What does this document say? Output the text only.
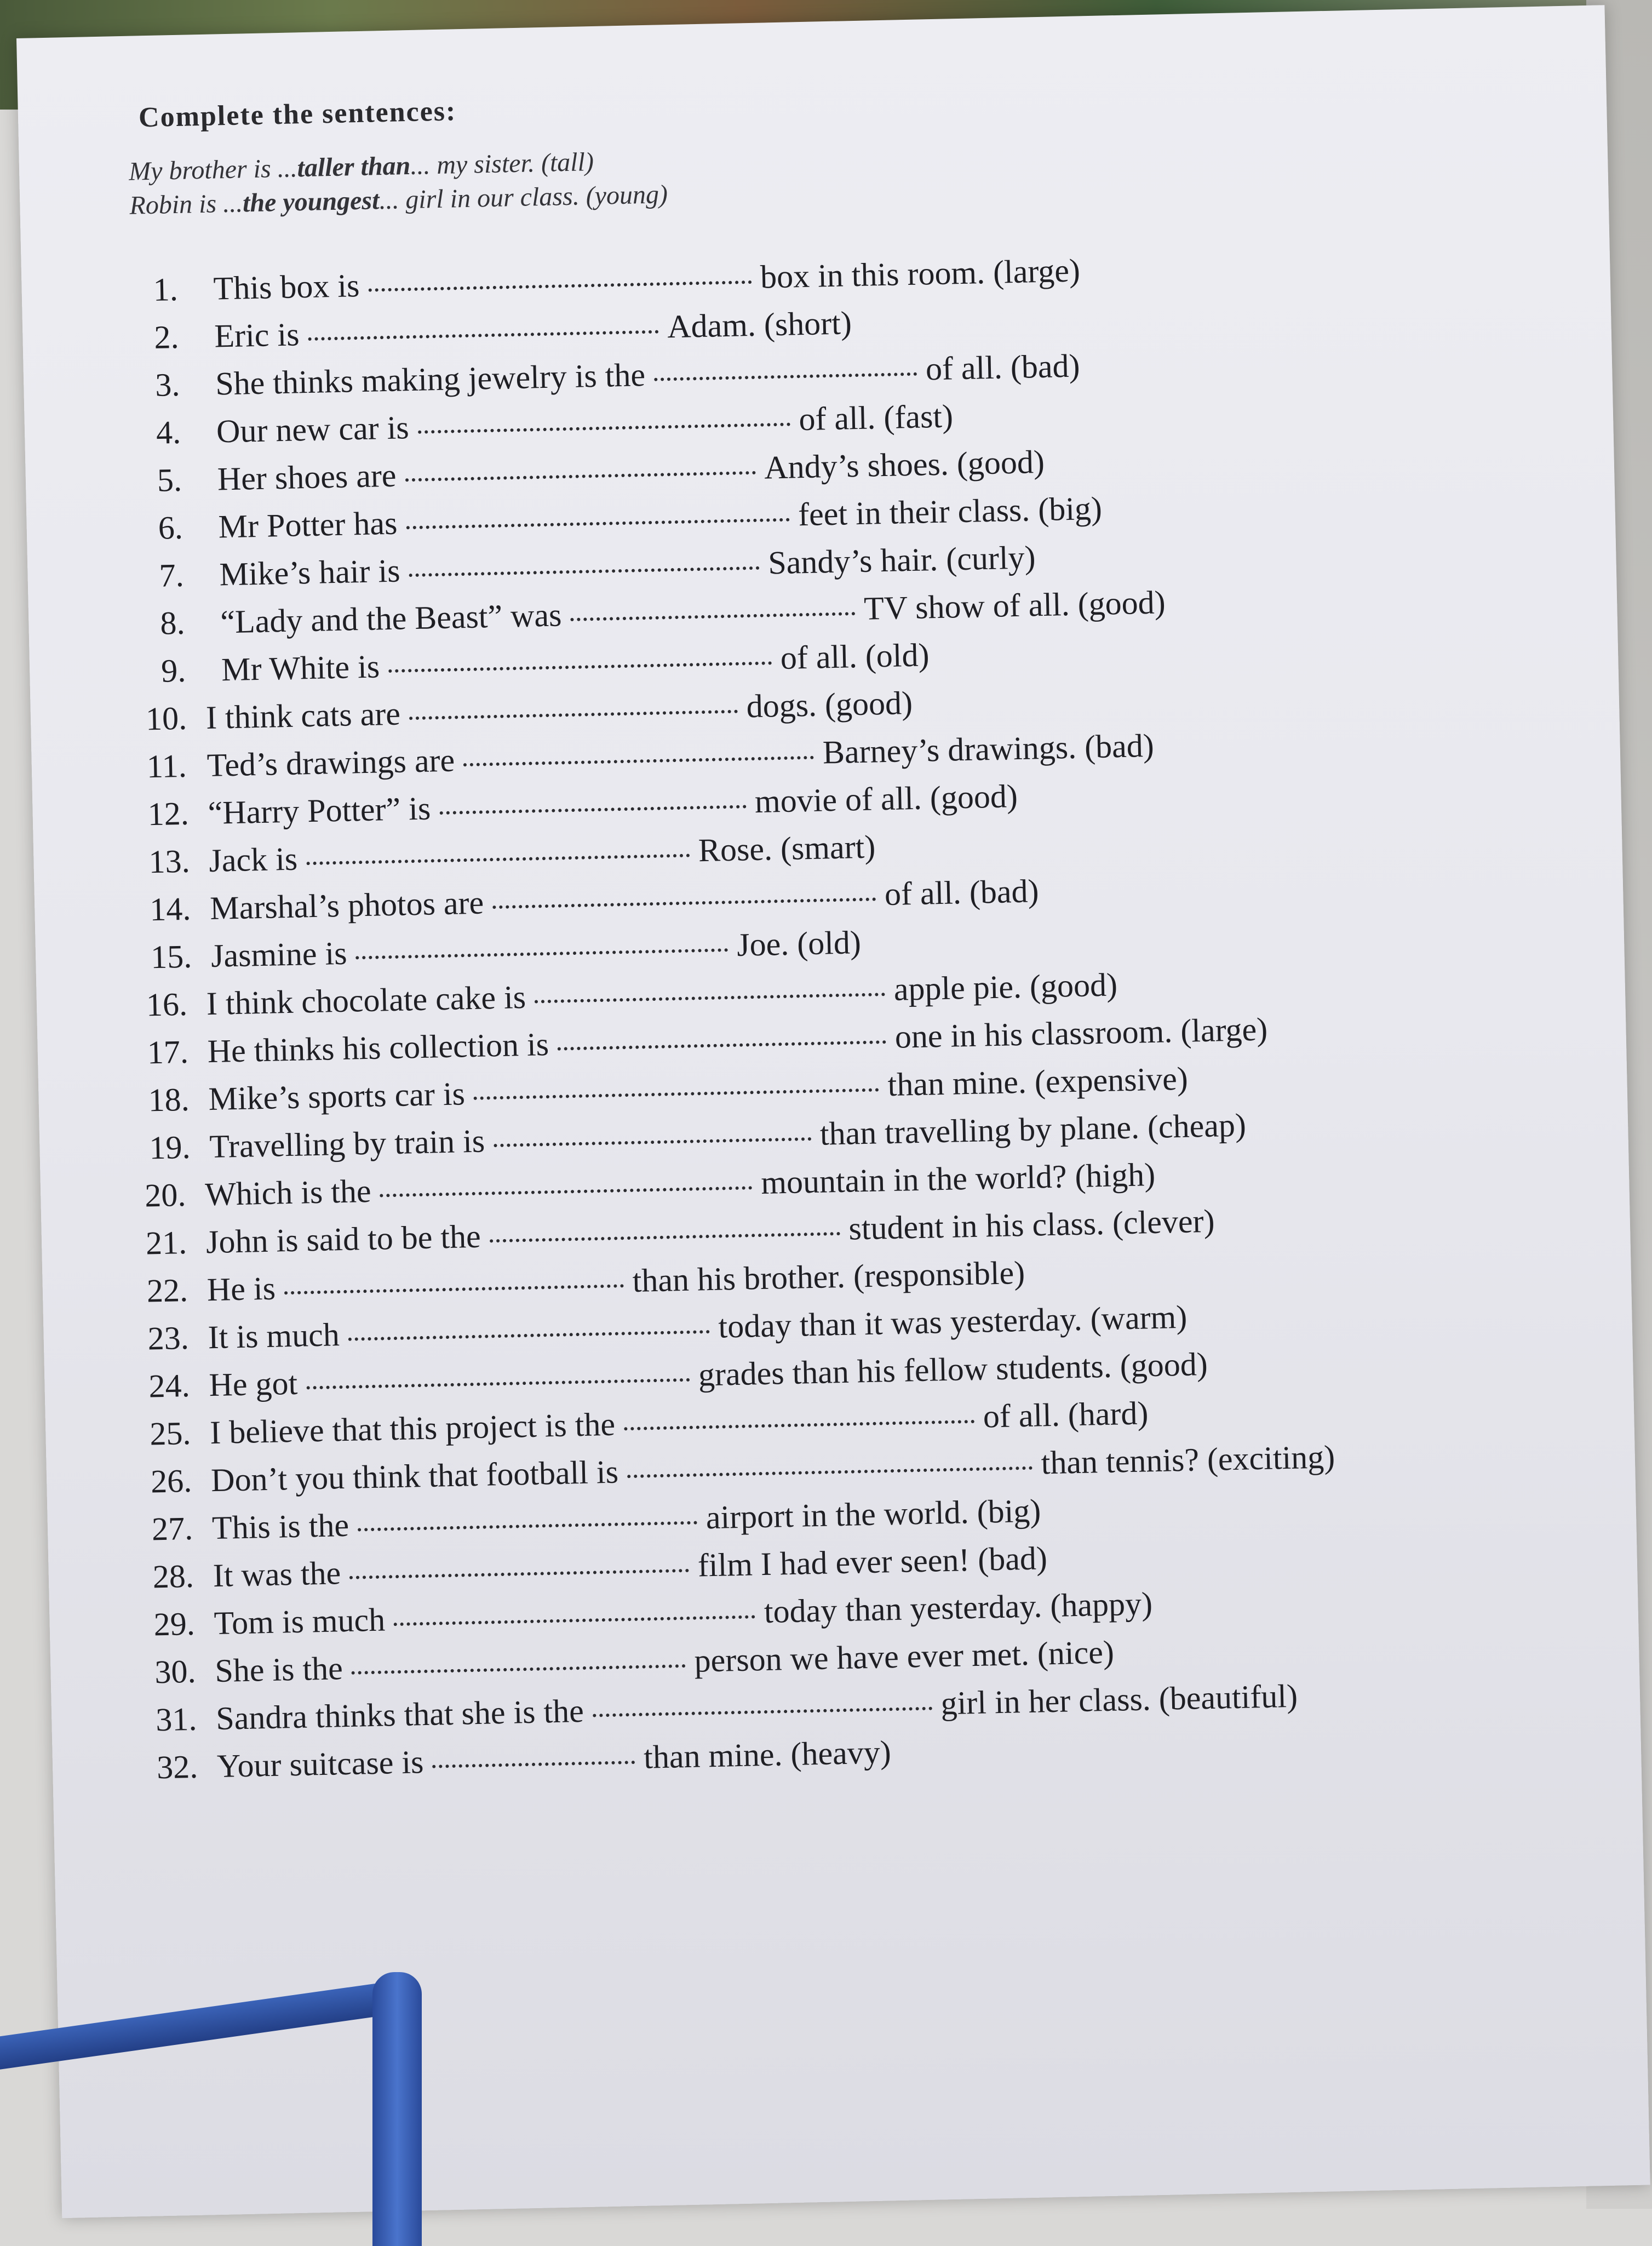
Complete the sentences:
My brother is ...taller than... my sister. (tall)
Robin is ...the youngest... girl in our class. (young)
1.	This box is	box in this room. (large)
2.	Eric is	Adam. (short)
3.	She thinks making jewelry is the	of all. (bad)
4.	Our new car is	of all. (fast)
5.	Her shoes are	Andy’s shoes. (good)
6.	Mr Potter has	feet in their class. (big)
7.	Mike’s hair is	Sandy’s hair. (curly)
8.	“Lady and the Beast” was	TV show of all. (good)
9.	Mr White is	of all. (old)
10. I think cats are	dogs. (good)
11. Ted’s drawings are	Barney’s drawings. (bad)
12. “Harry Potter” is	movie of all. (good)
13. Jack is	Rose. (smart)
14. Marshal’s photos are	of all. (bad)
15. Jasmine is	Joe. (old)
16. I think chocolate cake is	apple pie. (good)
17. He thinks his collection is	one in his classroom. (large)
18. Mike’s sports car is	than mine. (expensive)
19. Travelling by train is	than travelling by plane. (cheap)
20. Which is the	mountain in the world? (high)
21. John is said to be the	student in his class. (clever)
22. He is	than his brother. (responsible)
23. It is much	today than it was yesterday. (warm)
24. He got	grades than his fellow students. (good)
25. I believe that this project is the	of all. (hard)
26. Don’t you think that football is	than tennis? (exciting)
27. This is the	airport in the world. (big)
28. It was the	film I had ever seen! (bad)
29. Tom is much	today than yesterday. (happy)
30. She is the	person we have ever met. (nice)
31. Sandra thinks that she is the	girl in her class. (beautiful)
32. Your suitcase is	than mine. (heavy)
